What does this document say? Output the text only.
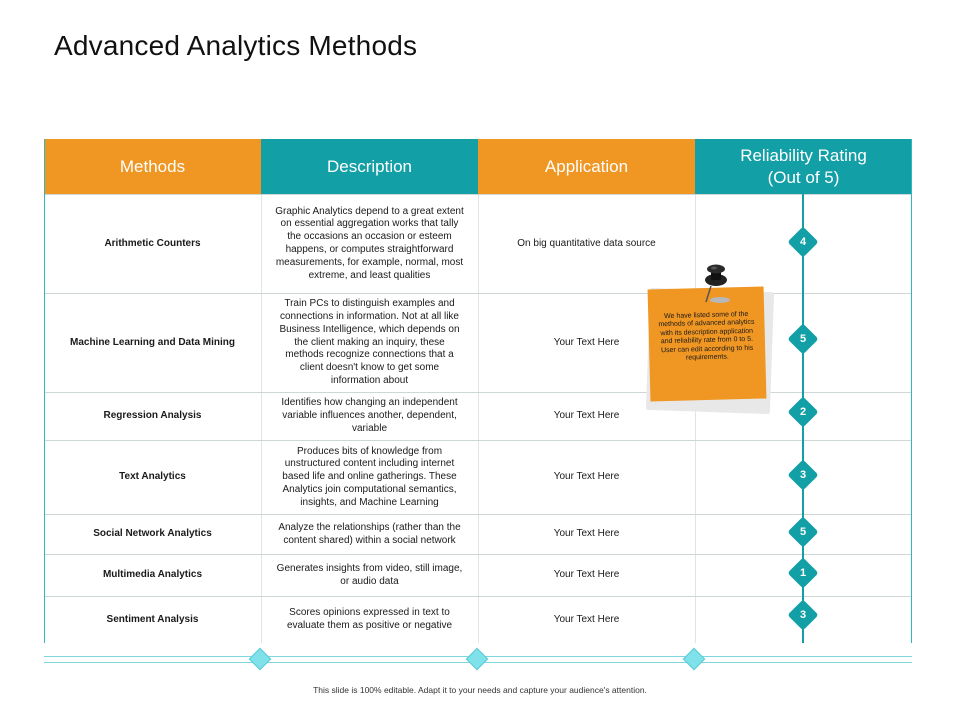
Advanced Analytics Methods
Methods	Description	Application
Reliability Rating
(Out of 5)
Arithmetic Counters
Graphic Analytics depend to a great extent on essential aggregation works that tally the occasions an occasion or esteem happens, or computes straightforward measurements, for example, normal, most extreme, and least qualities
On big quantitative data source
Machine Learning and Data Mining
Train PCs to distinguish examples and connections in information. Not at all like Business Intelligence, which depends on the client making an inquiry, these methods recognize connections that a client doesn't know to get some information about
Your Text Here
Regression Analysis
Identifies how changing an independent variable influences another, dependent, variable
Your Text Here
Text Analytics
Produces bits of knowledge from unstructured content including internet based life and online gatherings. These Analytics join computational semantics, insights, and Machine Learning
Your Text Here
Social Network Analytics
Analyze the relationships (rather than the content shared) within a social network
Your Text Here
Multimedia Analytics
Generates insights from video, still image, or audio data
Your Text Here
Sentiment Analysis
Scores opinions expressed in text to evaluate them as positive or negative
Your Text Here
4
5
2
3
5
1
3
We have listed some of the methods of advanced analytics with its description application and reliability rate from 0 to 5. User can edit according to his requirements.
This slide is 100% editable. Adapt it to your needs and capture your audience's attention.
